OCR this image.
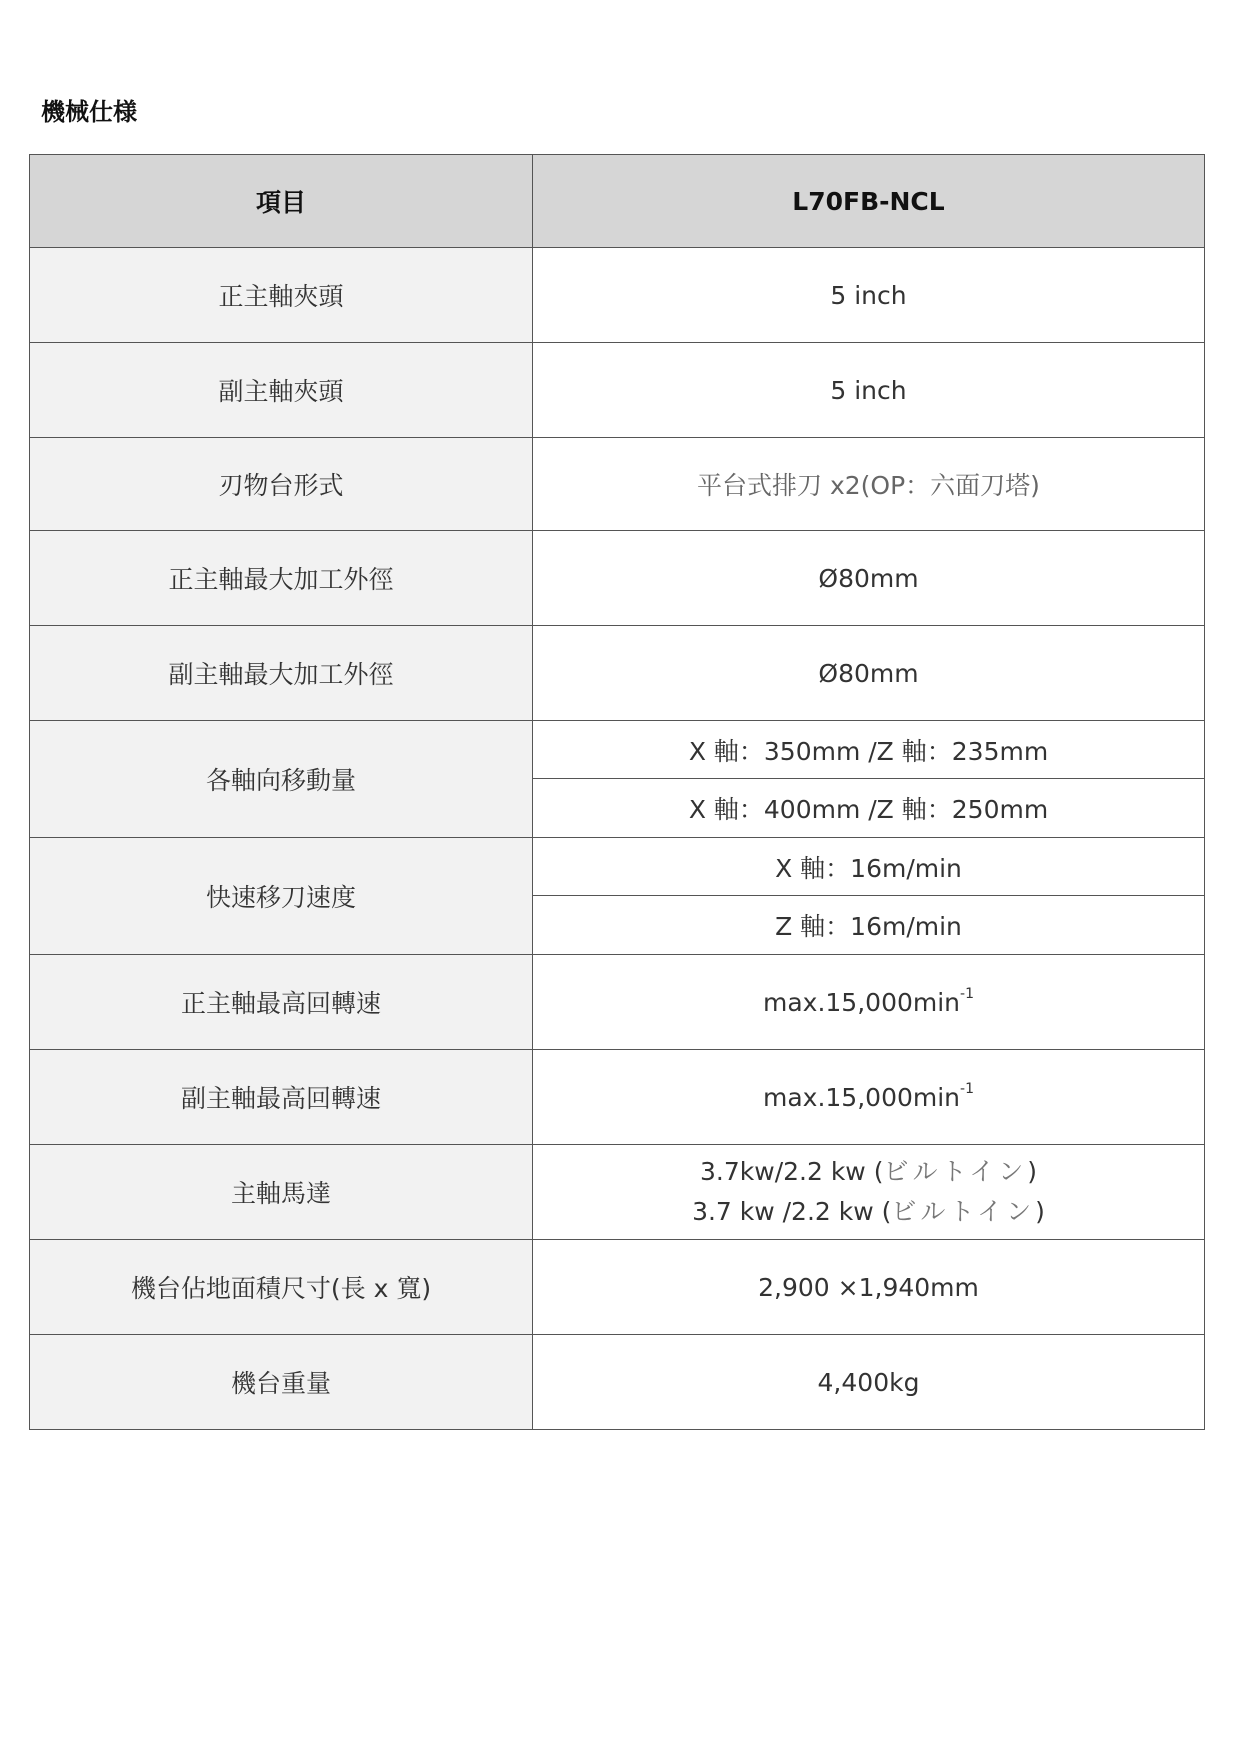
機械仕様
項目	L70FB-NCL
正主軸夾頭	5 inch
副主軸夾頭	5 inch
刃物台形式	平台式排刀 x2(OP：六面刀塔)
正主軸最大加工外徑	Ø80mm
副主軸最大加工外徑	Ø80mm
各軸向移動量	X 軸：350mm /Z 軸：235mm
	X 軸：400mm /Z 軸：250mm
快速移刀速度	X 軸：16m/min
	Z 軸：16m/min
正主軸最高回轉速	$\max.15,000\min^{-1}$
副主軸最高回轉速	$\max.15,000\min^{-1}$
主軸馬達	3.7kw/2.2 kw (ビルトイン)
3.7 kw /2.2 kw (ビルトイン)

機台佔地面積尺寸(長 x 寬)	2,900 ×1,940mm
機台重量	4,400kg
